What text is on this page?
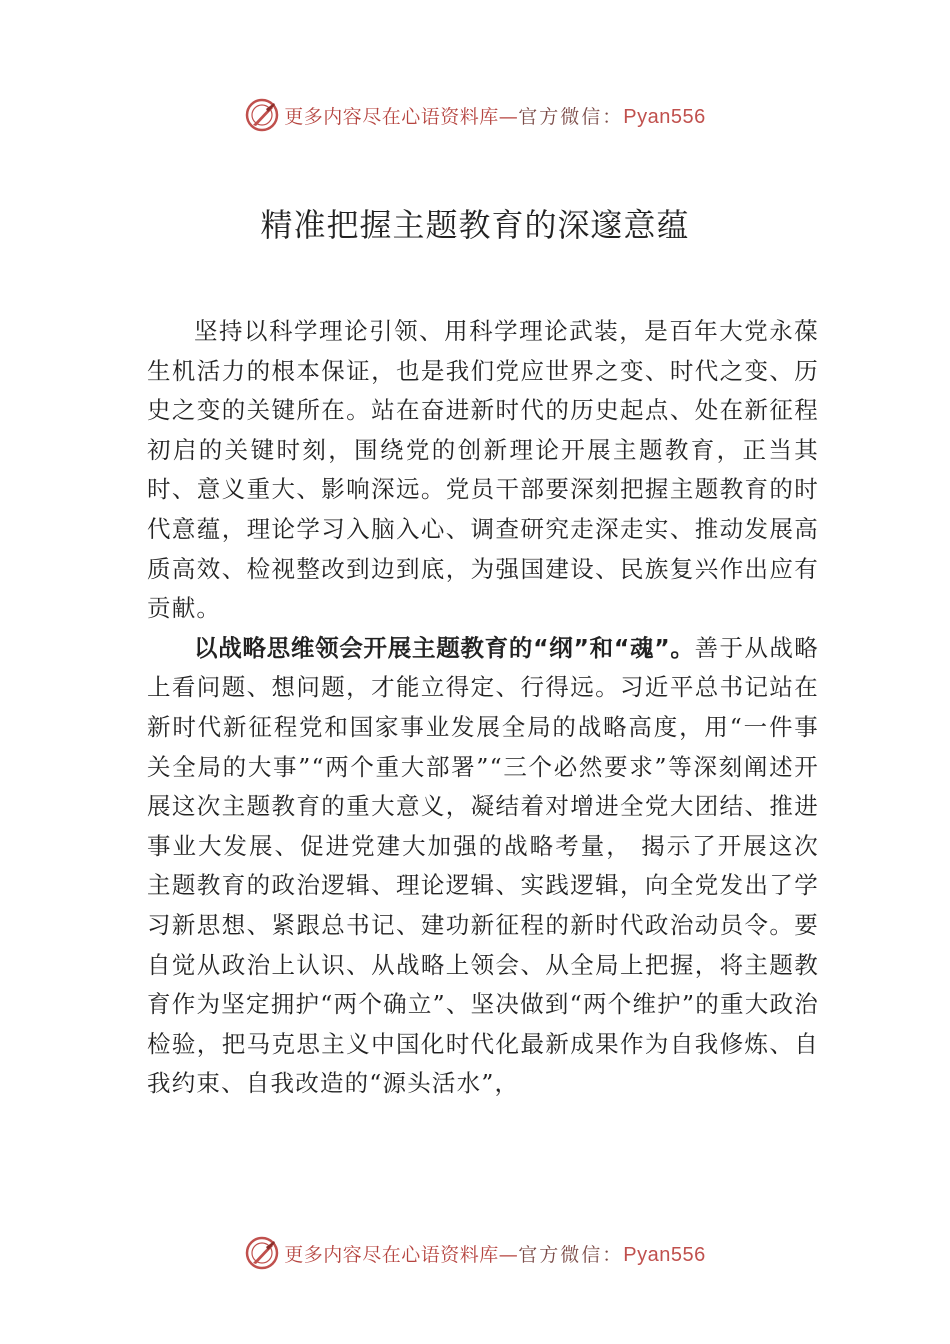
更多内容尽在心语资料库—官方微信：Pyan556
精准把握主题教育的深邃意蕴

坚持以科学理论引领、用科学理论武装，是百年大党永葆生机活力的根本保证，也是我们党应世界之变、时代之变、历史之变的关键所在。站在奋进新时代的历史起点、处在新征程初启的关键时刻，围绕党的创新理论开展主题教育，正当其时、意义重大、影响深远。党员干部要深刻把握主题教育的时代意蕴，理论学习入脑入心、调查研究走深走实、推动发展高质高效、检视整改到边到底，为强国建设、民族复兴作出应有贡献。

以战略思维领会开展主题教育的“纲”和“魂”。善于从战略上看问题、想问题，才能立得定、行得远。习近平总书记站在新时代新征程党和国家事业发展全局的战略高度，用“一件事关全局的大事”“两个重大部署”“三个必然要求”等深刻阐述开展这次主题教育的重大意义，凝结着对增进全党大团结、推进事业大发展、促进党建大加强的战略考量， 揭示了开展这次主题教育的政治逻辑、理论逻辑、实践逻辑，向全党发出了学习新思想、紧跟总书记、建功新征程的新时代政治动员令。要自觉从政治上认识、从战略上领会、从全局上把握，将主题教育作为坚定拥护“两个确立”、坚决做到“两个维护”的重大政治检验，把马克思主义中国化时代化最新成果作为自我修炼、自我约束、自我改造的“源头活水”，

更多内容尽在心语资料库—官方微信：Pyan556
